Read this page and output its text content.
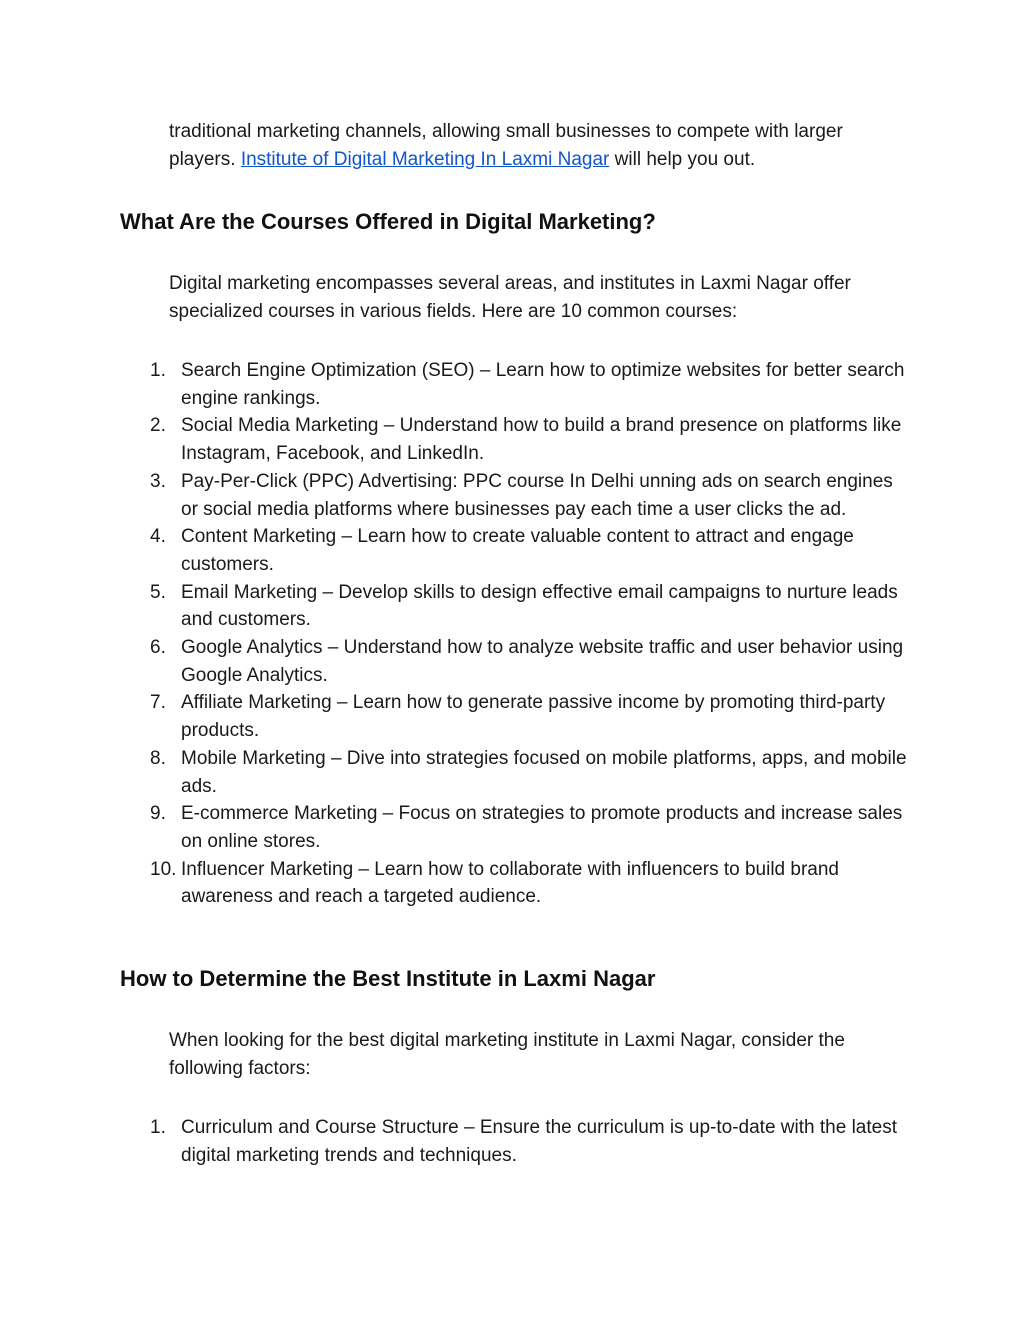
traditional marketing channels, allowing small businesses to compete with larger players. Institute of Digital Marketing In Laxmi Nagar will help you out.

What Are the Courses Offered in Digital Marketing?

Digital marketing encompasses several areas, and institutes in Laxmi Nagar offer specialized courses in various fields. Here are 10 common courses:

1. Search Engine Optimization (SEO) – Learn how to optimize websites for better search engine rankings.
2. Social Media Marketing – Understand how to build a brand presence on platforms like Instagram, Facebook, and LinkedIn.
3. Pay-Per-Click (PPC) Advertising: PPC course In Delhi unning ads on search engines or social media platforms where businesses pay each time a user clicks the ad.
4. Content Marketing – Learn how to create valuable content to attract and engage customers.
5. Email Marketing – Develop skills to design effective email campaigns to nurture leads and customers.
6. Google Analytics – Understand how to analyze website traffic and user behavior using Google Analytics.
7. Affiliate Marketing – Learn how to generate passive income by promoting third-party products.
8. Mobile Marketing – Dive into strategies focused on mobile platforms, apps, and mobile ads.
9. E-commerce Marketing – Focus on strategies to promote products and increase sales on online stores.
10. Influencer Marketing – Learn how to collaborate with influencers to build brand awareness and reach a targeted audience.
How to Determine the Best Institute in Laxmi Nagar

When looking for the best digital marketing institute in Laxmi Nagar, consider the following factors:

1. Curriculum and Course Structure – Ensure the curriculum is up-to-date with the latest digital marketing trends and techniques.
